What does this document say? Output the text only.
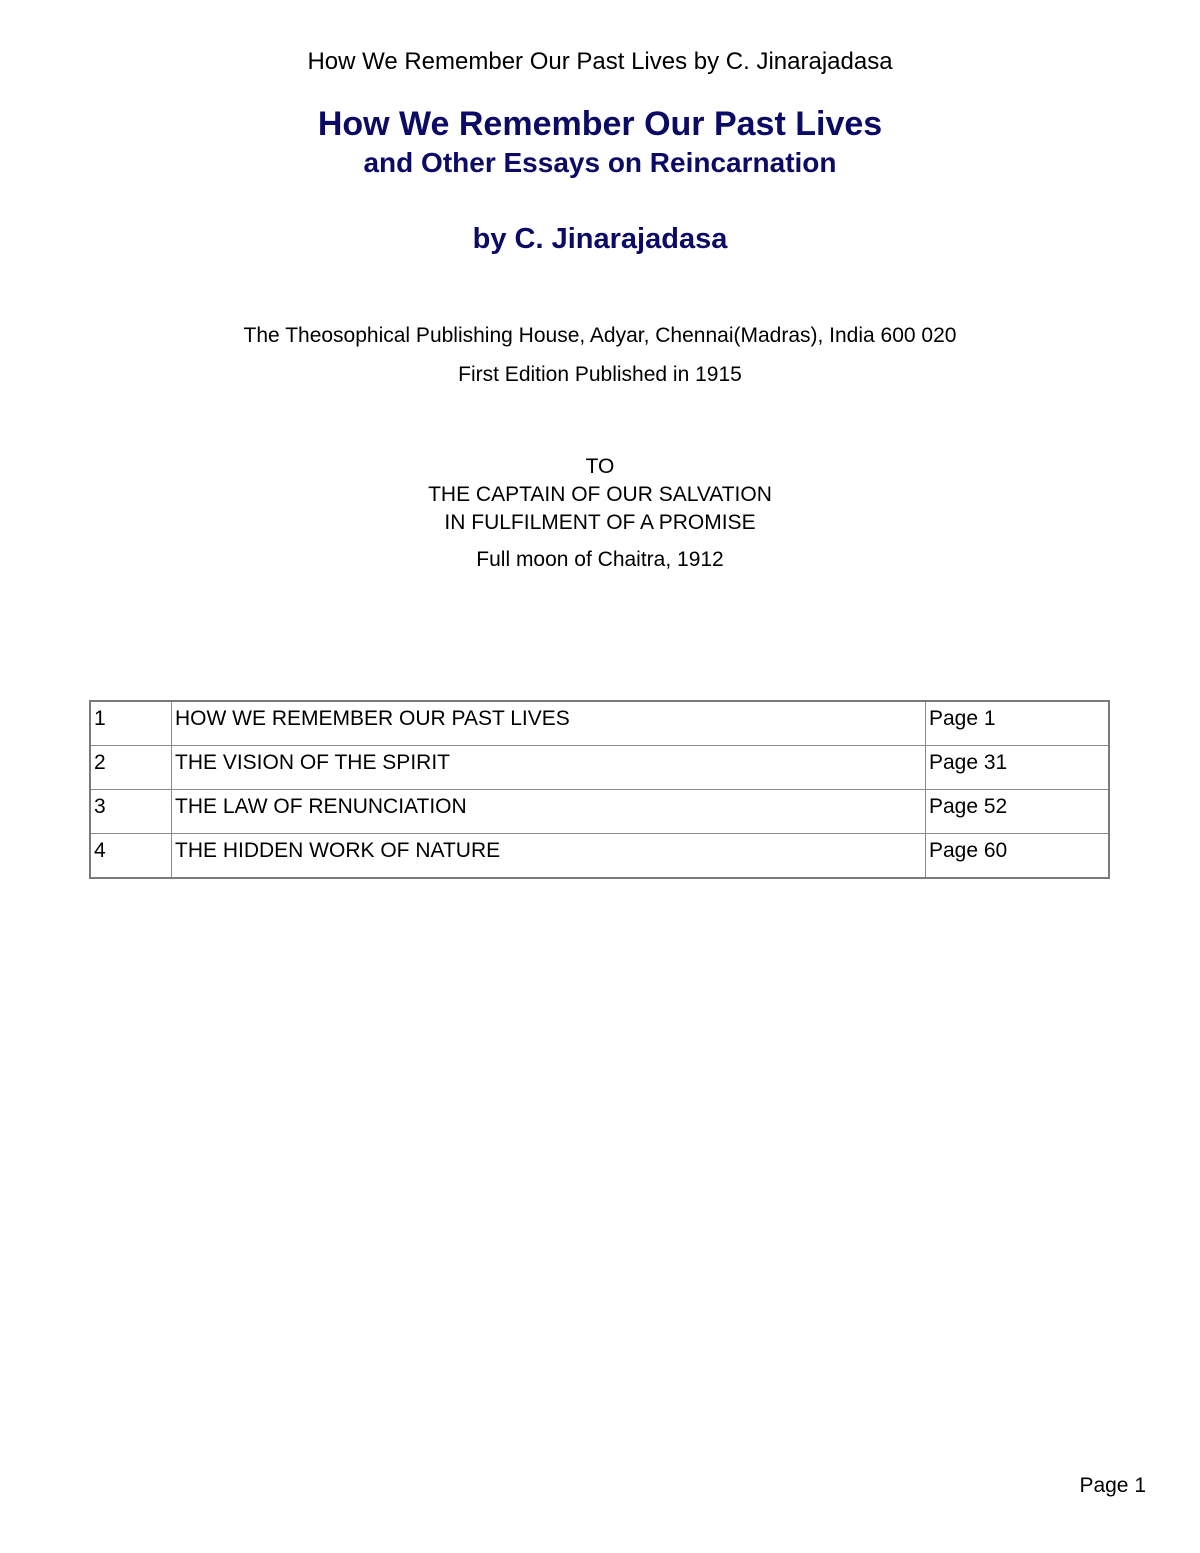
How We Remember Our Past Lives by C. Jinarajadasa
How We Remember Our Past Lives
and Other Essays on Reincarnation
by C. Jinarajadasa
The Theosophical Publishing House, Adyar, Chennai(Madras), India 600 020
First Edition Published in 1915
TO
THE CAPTAIN OF OUR SALVATION
IN FULFILMENT OF A PROMISE
Full moon of Chaitra, 1912
1	HOW WE REMEMBER OUR PAST LIVES	Page 1
2	THE VISION OF THE SPIRIT	Page 31
3	THE LAW OF RENUNCIATION	Page 52
4	THE HIDDEN WORK OF NATURE	Page 60
Page 1
